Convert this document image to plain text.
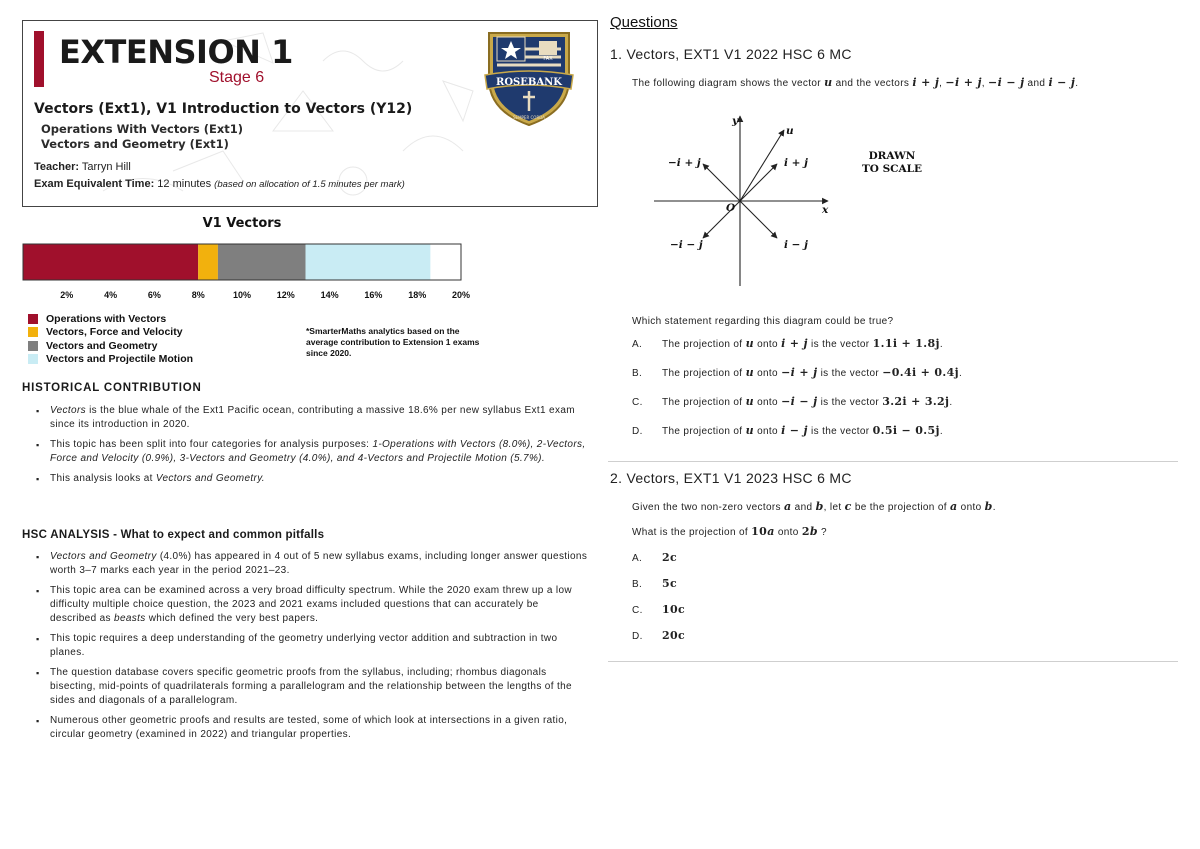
EXTENSION 1
Stage 6
Vectors (Ext1), V1 Introduction to Vectors (Y12)
Operations With Vectors (Ext1)
Vectors and Geometry (Ext1)
Teacher: Tarryn Hill
Exam Equivalent Time: 12 minutes (based on allocation of 1.5 minutes per mark)
FAX
ROSEBANK
SEMPER CORDA
V1 Vectors
2%	4%	6%	8%	10%	12%	14%	16%	18%	20%
Operations with Vectors
Vectors, Force and Velocity
Vectors and Geometry
Vectors and Projectile Motion
*SmarterMaths analytics based on the average contribution to Extension 1 exams since 2020.
HISTORICAL CONTRIBUTION
▪ Vectors is the blue whale of the Ext1 Pacific ocean, contributing a massive 18.6% per new syllabus Ext1 exam since its introduction in 2020.
▪ This topic has been split into four categories for analysis purposes: 1-Operations with Vectors (8.0%), 2-Vectors, Force and Velocity (0.9%), 3-Vectors and Geometry (4.0%), and 4-Vectors and Projectile Motion (5.7%).
▪ This analysis looks at Vectors and Geometry.
HSC ANALYSIS - What to expect and common pitfalls
▪ Vectors and Geometry (4.0%) has appeared in 4 out of 5 new syllabus exams, including longer answer questions worth 3–7 marks each year in the period 2021–23.
▪ This topic area can be examined across a very broad difficulty spectrum. While the 2020 exam threw up a low difficulty multiple choice question, the 2023 and 2021 exams included questions that can accurately be described as beasts which defined the very best papers.
▪ This topic requires a deep understanding of the geometry underlying vector addition and subtraction in two planes.
▪ The question database covers specific geometric proofs from the syllabus, including; rhombus diagonals bisecting, mid-points of quadrilaterals forming a parallelogram and the relationship between the lengths of the sides and diagonals of a parallelogram.
▪ Numerous other geometric proofs and results are tested, some of which look at intersections in a given ratio, circular geometry (examined in 2022) and triangular properties.
Questions
1. Vectors, EXT1 V1 2022 HSC 6 MC
The following diagram shows the vector u and the vectors i + j, −i + j, −i − j and i − j.
y
x
O
u
i + j
−i + j
−i − j	i − j
DRAWN
TO SCALE
Which statement regarding this diagram could be true?
A. The projection of u onto i + j is the vector 1.1i + 1.8j.
B. The projection of u onto −i + j is the vector −0.4i + 0.4j.
C. The projection of u onto −i − j is the vector 3.2i + 3.2j.
D. The projection of u onto i − j is the vector 0.5i − 0.5j.
2. Vectors, EXT1 V1 2023 HSC 6 MC
Given the two non-zero vectors a and b, let c be the projection of a onto b.
What is the projection of 10a onto 2b ?
A. 2c
B. 5c
C. 10c
D. 20c
